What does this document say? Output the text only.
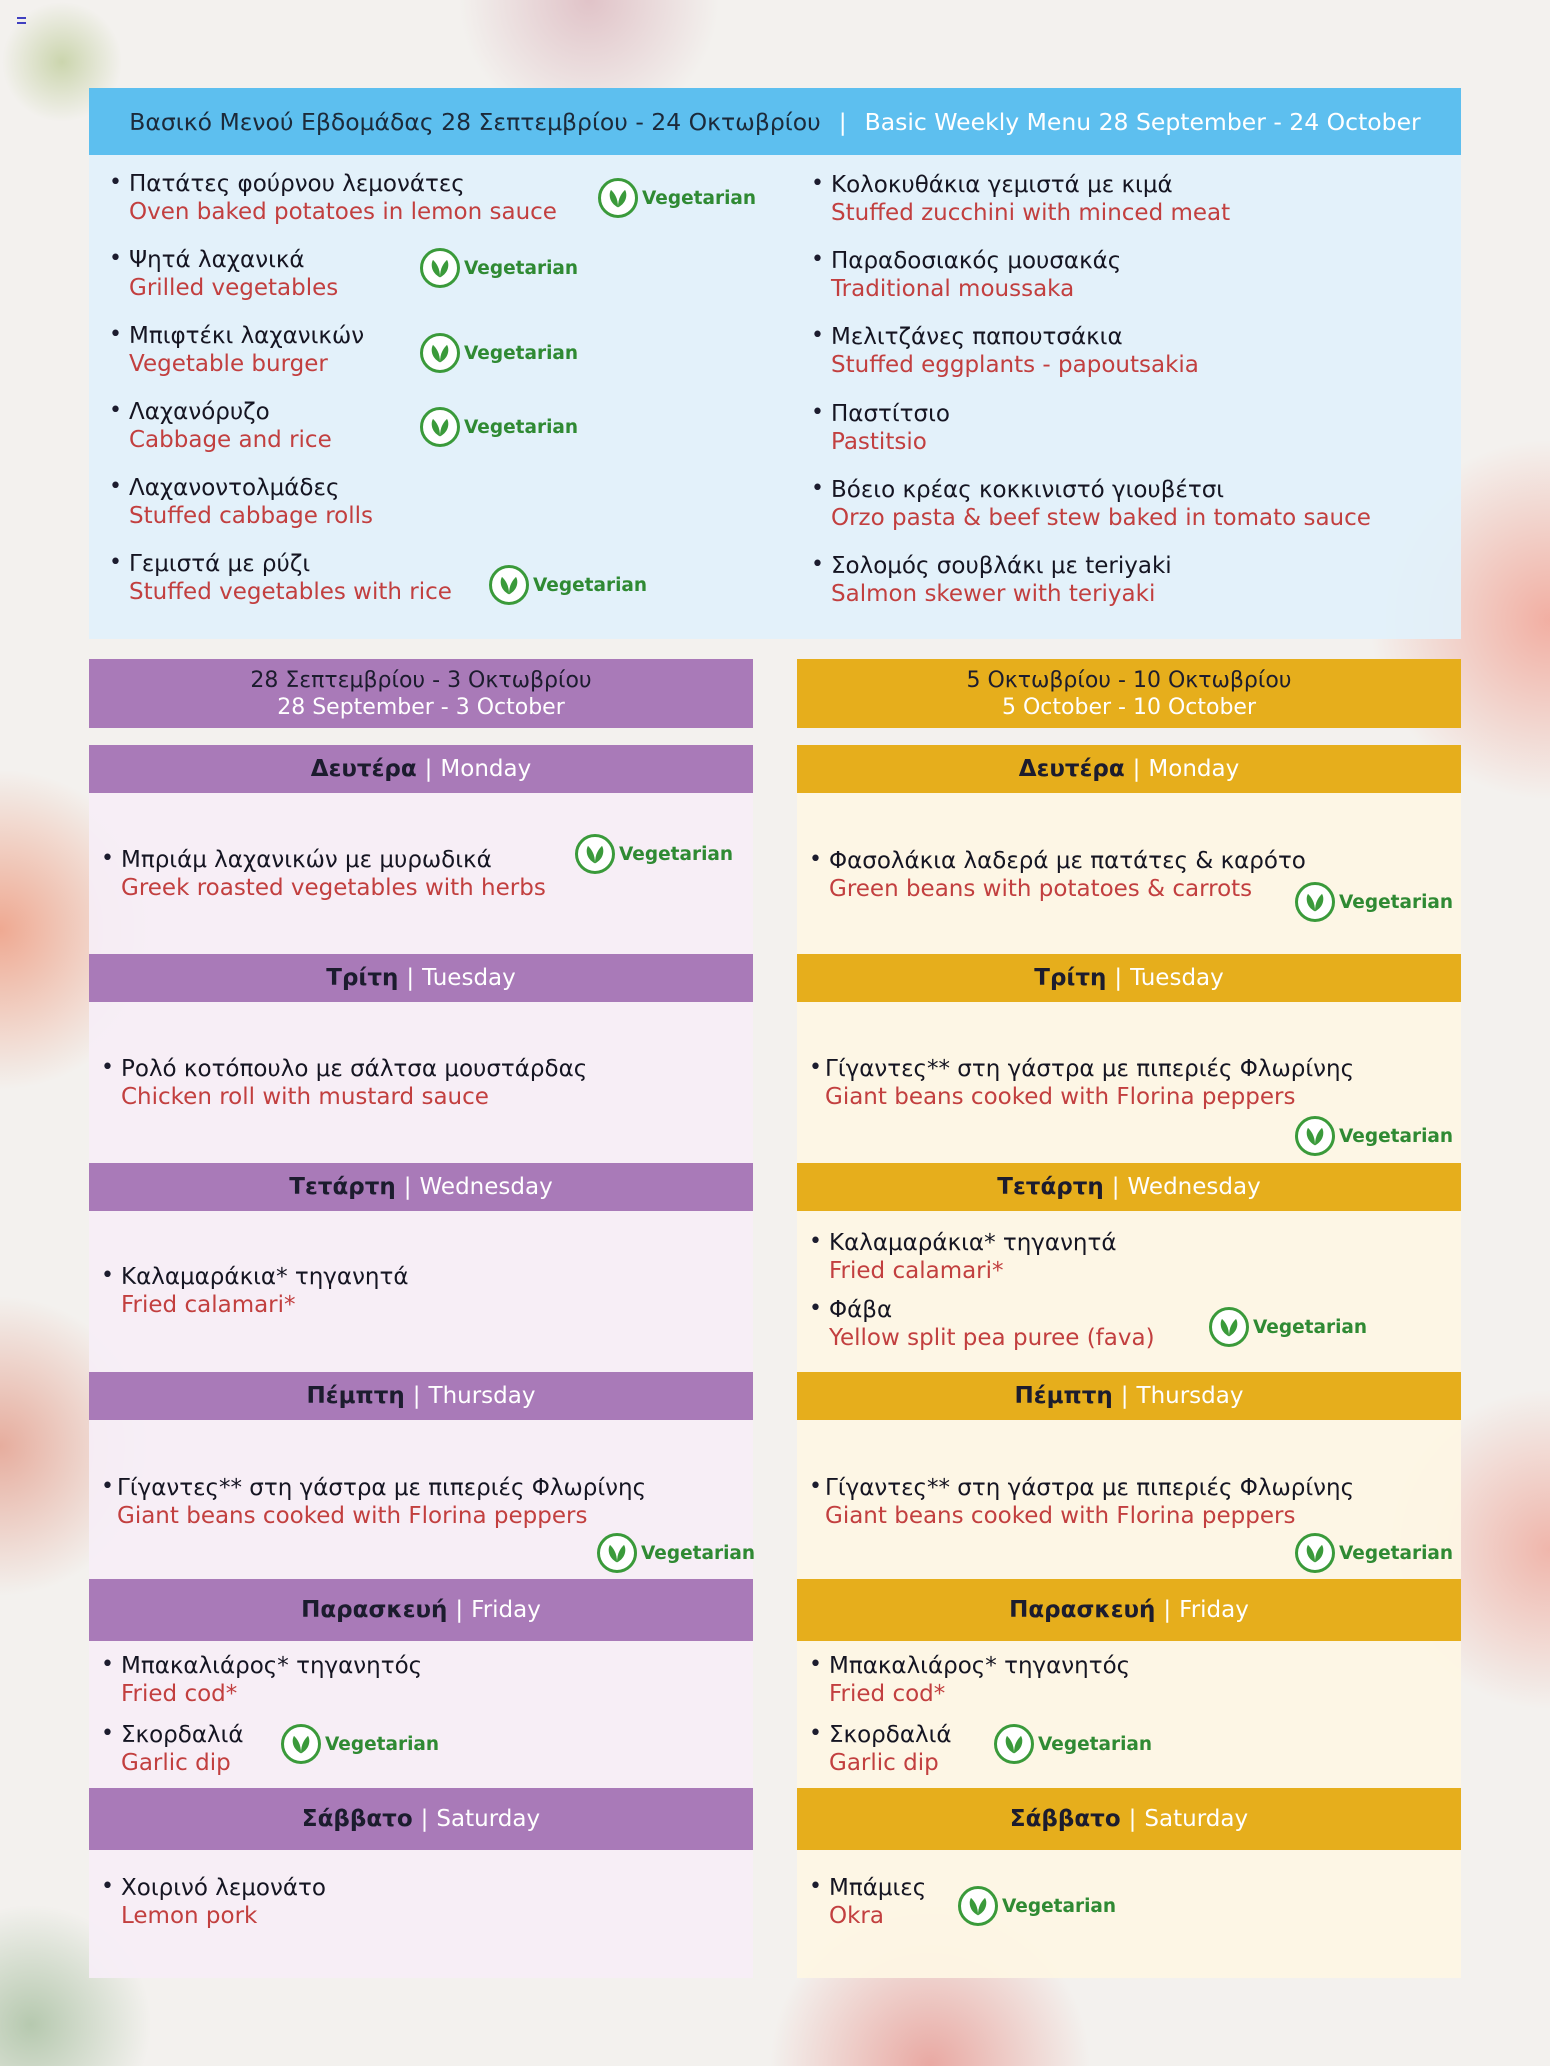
Βασικό Μενού Εβδομάδας 28 Σεπτεμβρίου - 24 Οκτωβρίου | Basic Weekly Menu 28 September - 24 October
• Πατάτες φούρνου λεμονάτες
Oven baked potatoes in lemon sauce
Vegetarian
• Ψητά λαχανικά
Grilled vegetables
Vegetarian
• Μπιφτέκι λαχανικών
Vegetable burger	Vegetarian
• Λαχανόρυζο
Cabbage and rice	Vegetarian
• Λαχανοντολμάδες
Stuffed cabbage rolls
• Γεμιστά με ρύζι
Stuffed vegetables with rice	Vegetarian
• Κολοκυθάκια γεμιστά με κιμά
Stuffed zucchini with minced meat
• Παραδοσιακός μουσακάς
Traditional moussaka
• Μελιτζάνες παπουτσάκια
Stuffed eggplants - papoutsakia
• Παστίτσιο
Pastitsio
• Βόειο κρέας κοκκινιστό γιουβέτσι
Orzo pasta & beef stew baked in tomato sauce
• Σολομός σουβλάκι με teriyaki
Salmon skewer with teriyaki
28 Σεπτεμβρίου - 3 Οκτωβρίου
28 September - 3 October
Δευτέρα | Monday
• Μπριάμ λαχανικών με μυρωδικά
Greek roasted vegetables with herbs
Vegetarian
Τρίτη | Tuesday
• Ρολό κοτόπουλο με σάλτσα μουστάρδας
Chicken roll with mustard sauce
Τετάρτη | Wednesday
• Καλαμαράκια* τηγανητά
Fried calamari*
Πέμπτη | Thursday
• Γίγαντες** στη γάστρα με πιπεριές Φλωρίνης
Giant beans cooked with Florina peppers
Vegetarian
Παρασκευή | Friday
• Μπακαλιάρος* τηγανητός
Fried cod*
• Σκορδαλιά
Garlic dip
Vegetarian
Σάββατο | Saturday
• Χοιρινό λεμονάτο
Lemon pork
5 Οκτωβρίου - 10 Οκτωβρίου
5 October - 10 October
Δευτέρα | Monday
• Φασολάκια λαδερά με πατάτες & καρότο
Green beans with potatoes & carrots	Vegetarian
Τρίτη | Tuesday
• Γίγαντες** στη γάστρα με πιπεριές Φλωρίνης
Giant beans cooked with Florina peppers
Vegetarian
Τετάρτη | Wednesday
• Καλαμαράκια* τηγανητά
Fried calamari*
• Φάβα
Yellow split pea puree (fava)	Vegetarian
Πέμπτη | Thursday
• Γίγαντες** στη γάστρα με πιπεριές Φλωρίνης
Giant beans cooked with Florina peppers
Vegetarian
Παρασκευή | Friday
• Μπακαλιάρος* τηγανητός
Fried cod*
• Σκορδαλιά
Garlic dip
Vegetarian
Σάββατο | Saturday
• Μπάμιες
Okra	Vegetarian
